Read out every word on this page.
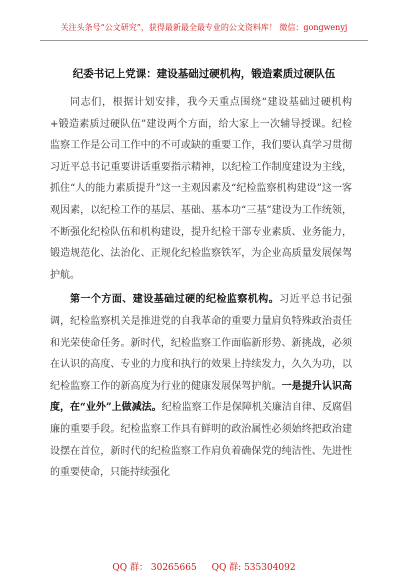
关注头条号“公文研究”，获得最新最全最专业的公文资料库！ 微信：gongwenyj
纪委书记上党课：建设基础过硬机构，锻造素质过硬队伍

同志们，根据计划安排，我今天重点围绕“建设基础过硬机构+锻造素质过硬队伍”建设两个方面，给大家上一次辅导授课。纪检监察工作是公司工作中的不可或缺的重要工作，我们要认真学习贯彻习近平总书记重要讲话重要指示精神，以纪检工作制度建设为主线，抓住“人的能力素质提升”这一主观因素及“纪检监察机构建设”这一客观因素，以纪检工作的基层、基础、基本功“三基”建设为工作统领，不断强化纪检队伍和机构建设，提升纪检干部专业素质、业务能力，锻造规范化、法治化、正规化纪检监察铁军，为企业高质量发展保驾护航。

第一个方面、建设基础过硬的纪检监察机构。习近平总书记强调，纪检监察机关是推进党的自我革命的重要力量肩负特殊政治责任和光荣使命任务。新时代，纪检监察工作面临新形势、新挑战，必须在认识的高度、专业的力度和执行的效果上持续发力，久久为功，以纪检监察工作的新高度为行业的健康发展保驾护航。一是提升认识高度，在“业外”上做减法。纪检监察工作是保障机关廉洁自律、反腐倡廉的重要手段。纪检监察工作具有鲜明的政治属性必须始终把政治建设摆在首位，新时代的纪检监察工作肩负着确保党的纯洁性、先进性的重要使命，只能持续强化

QQ 群： 30265665 QQ 群: 535304092
